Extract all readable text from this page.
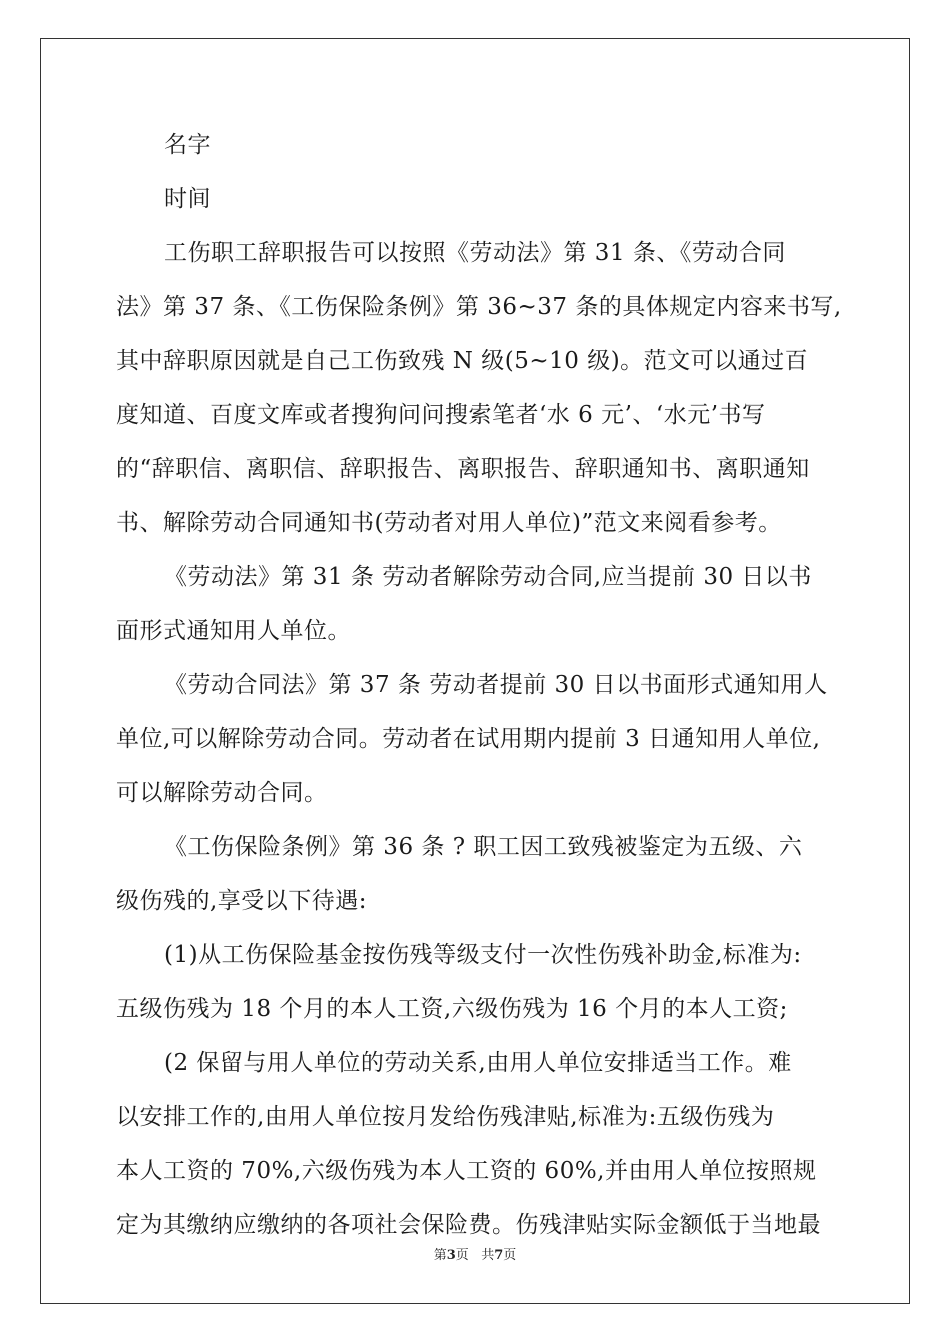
名字

时间

工伤职工辞职报告可以按照《劳动法》第 31 条、《劳动合同

法》第 37 条、《工伤保险条例》第 36~37 条的具体规定内容来书写,

其中辞职原因就是自己工伤致残 N 级(5~10 级)。范文可以通过百

度知道、百度文库或者搜狗问问搜索笔者‘水 6 元’、‘水元’书写

的“辞职信、离职信、辞职报告、离职报告、辞职通知书、离职通知

书、解除劳动合同通知书(劳动者对用人单位)”范文来阅看参考。

《劳动法》第 31 条 劳动者解除劳动合同,应当提前 30 日以书

面形式通知用人单位。

《劳动合同法》第 37 条 劳动者提前 30 日以书面形式通知用人

单位,可以解除劳动合同。劳动者在试用期内提前 3 日通知用人单位,

可以解除劳动合同。

《工伤保险条例》第 36 条 ? 职工因工致残被鉴定为五级、六

级伤残的,享受以下待遇:

(1)从工伤保险基金按伤残等级支付一次性伤残补助金,标准为:

五级伤残为 18 个月的本人工资,六级伤残为 16 个月的本人工资;

(2 保留与用人单位的劳动关系,由用人单位安排适当工作。难

以安排工作的,由用人单位按月发给伤残津贴,标准为:五级伤残为

本人工资的 70%,六级伤残为本人工资的 60%,并由用人单位按照规

定为其缴纳应缴纳的各项社会保险费。伤残津贴实际金额低于当地最

第3页 共7页
